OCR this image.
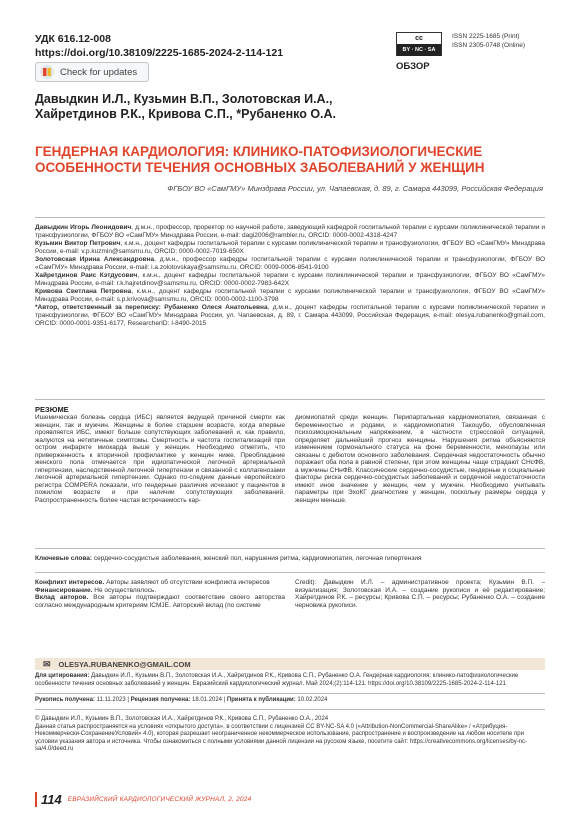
УДК 616.12-008
https://doi.org/10.38109/2225-1685-2024-2-114-121
Check for updates
cc
BY · NC · SA
ISSN 2225-1685 (Print)
ISSN 2305-0748 (Online)
ОБЗОР
Давыдкин И.Л., Кузьмин В.П., Золотовская И.А.,
Хайретдинов Р.К., Кривова С.П., *Рубаненко О.А.
ГЕНДЕРНАЯ КАРДИОЛОГИЯ: КЛИНИКО-ПАТОФИЗИОЛОГИЧЕСКИЕ
ОСОБЕННОСТИ ТЕЧЕНИЯ ОСНОВНЫХ ЗАБОЛЕВАНИЙ У ЖЕНЩИН
ФГБОУ ВО «СамГМУ» Минздрава России, ул. Чапаевская, д. 89, г. Самара 443099, Российская Федерация

Давыдкин Игорь Леонидович, д.м.н., профессор, проректор по научной работе, заведующий кафедрой госпитальной терапии с курсами поликлинической терапии и трансфузиологии, ФГБОУ ВО «СамГМУ» Минздрава России, e-mail: dagi2006@rambler.ru, ORCID: 0000-0002-4318-4247

Кузьмин Виктор Петрович, к.м.н., доцент кафедры госпитальной терапии с курсами поликлинической терапии и трансфузиологии, ФГБОУ ВО «СамГМУ» Минздрава России, e-mail: v.p.kuzmin@samsmu.ru, ORCID: 0000-0002-7019-650X

Золотовская Ирина Александровна, д.м.н., профессор кафедры госпитальной терапии с курсами поликлинической терапии и трансфузиологии, ФГБОУ ВО «СамГМУ» Минздрава России, e-mail: i.a.zolotovskaya@samsmu.ru, ORCID: 0009-0006-8541-9100

Хайретдинов Раис Кэтдусович, к.м.н., доцент кафедры госпитальной терапии с курсами поликлинической терапии и трансфузиологии, ФГБОУ ВО «СамГМУ» Минздрава России, e-mail: r.k.hajretdinov@samsmu.ru, ORCID: 0000-0002-7983-642X

Кривова Светлана Петровна, к.м.н., доцент кафедры госпитальной терапии с курсами поликлинической терапии и трансфузиологии, ФГБОУ ВО «СамГМУ» Минздрава России, e-mail: s.p.krivova@samsmu.ru, ORCID: 0000-0002-1100-3798

*Автор, ответственный за переписку: Рубаненко Олеся Анатольевна, д.м.н., доцент кафедры госпитальной терапии с курсами поликлинической терапии и трансфузиологии, ФГБОУ ВО «СамГМУ» Минздрава России, ул. Чапаевская, д. 89, г. Самара 443099, Российская Федерация, e-mail: olesya.rubanenko@gmail.com, ORCID: 0000-0001-9351-6177, ResearcherID: I-8490-2015

РЕЗЮМЕ
Ишемическая болезнь сердца (ИБС) является ведущей причиной смерти как женщин, так и мужчин. Женщины в более старшем возрасте, когда впервые проявляется ИБС, имеют больше сопутствующих заболеваний и, как правило, жалуются на нетипичные симптомы. Смертность и частота госпитализаций при остром инфаркте миокарда выше у женщин. Необходимо отметить, что приверженность к вторичной профилактике у женщин ниже. Преобладание женского пола отмечается при идиопатической легочной артериальной гипертензии, наследственной легочной гипертензии и связанной с коллагенозами легочной артериальной гипертензии. Однако по-следние данные европейского регистра COMPERA показали, что гендерные различия исчезают у пациентов в пожилом возрасте и при наличии сопутствующих заболеваний. Распространенность более частая встречаемость кар-
диомиопатий среди женщин. Перипартальная кардиомиопатия, связанная с беременностью и родами, и кардиомиопатия Такоцубо, обусловленная психоэмоциональным напряжением, в частности стрессовой ситуацией, определяет дальнейший прогноз женщины. Нарушения ритма объясняются изменением гормонального статуса на фоне беременности, менопаузы или связаны с дебютом основного заболевания. Сердечная недостаточность обычно поражает оба пола в равной степени, при этом женщины чаще страдают СНсФВ, а мужчины СНнФВ. Классические сердечно-сосудистые, гендерные и социальные факторы риска сердечно-сосудистых заболеваний и сердечной недостаточности имеют иное значение у женщин, чем у мужчин. Необходимо учитывать параметры при ЭхоКГ диагностике у женщин, поскольку размеры сердца у женщин меньше.
Ключевые слова: сердечно-сосудистые заболевания, женский пол, нарушения ритма, кардиомиопатия, легочная гипертензия

Конфликт интересов. Авторы заявляют об отсутствии конфликта интересов

Финансирование. Не осуществлялось.

Вклад авторов. Все авторы подтверждают соответствие своего авторства согласно международным критериям ICMJE. Авторский вклад (по системе

Credit): Давыдкин И.Л. – административное проекта; Кузьмин В.П. – визуализация; Золотовская И.А. – создание рукописи и её редактирование; Хайретдинов Р.К. – ресурсы; Кривова С.П. – ресурсы; Рубаненко О.А. – создание черновика рукописи.
✉ OLESYA.RUBANENKO@GMAIL.COM
Для цитирования: Давыдкин И.Л., Кузьмин В.П., Золотовская И.А., Хайретдинов Р.К., Кривова С.П., Рубаненко О.А. Гендерная кардиология: клинико-патофизиологические особенности течения основных заболеваний у женщин. Евразийский кардиологический журнал. Май 2024;(2):114-121. https://doi.org/10.38109/2225-1685-2024-2-114-121
Рукопись получена: 11.11.2023 | Рецензия получена: 18.01.2024 | Принята к публикации: 10.02.2024

© Давыдкин И.Л., Кузьмин В.П., Золотовская И.А., Хайретдинов Р.К., Кривова С.П., Рубаненко О.А., 2024

Данная статья распространяется на условиях «открытого доступа», в соответствии с лицензией CC BY-NC-SA 4.0 («Attribution-NonCommercial-ShareAlike» / «Атрибуция-Некоммерчески-СохранениеУсловий» 4.0), которая разрешает неограниченное некоммерческое использование, распространение и воспроизведение на любом носителе при условии указания автора и источника. Чтобы ознакомиться с полными условиями данной лицензии на русском языке, посетите сайт: https://creativecommons.org/licenses/by-nc-sa/4.0/deed.ru

114 ЕВРАЗИЙСКИЙ КАРДИОЛОГИЧЕСКИЙ ЖУРНАЛ, 2, 2024
